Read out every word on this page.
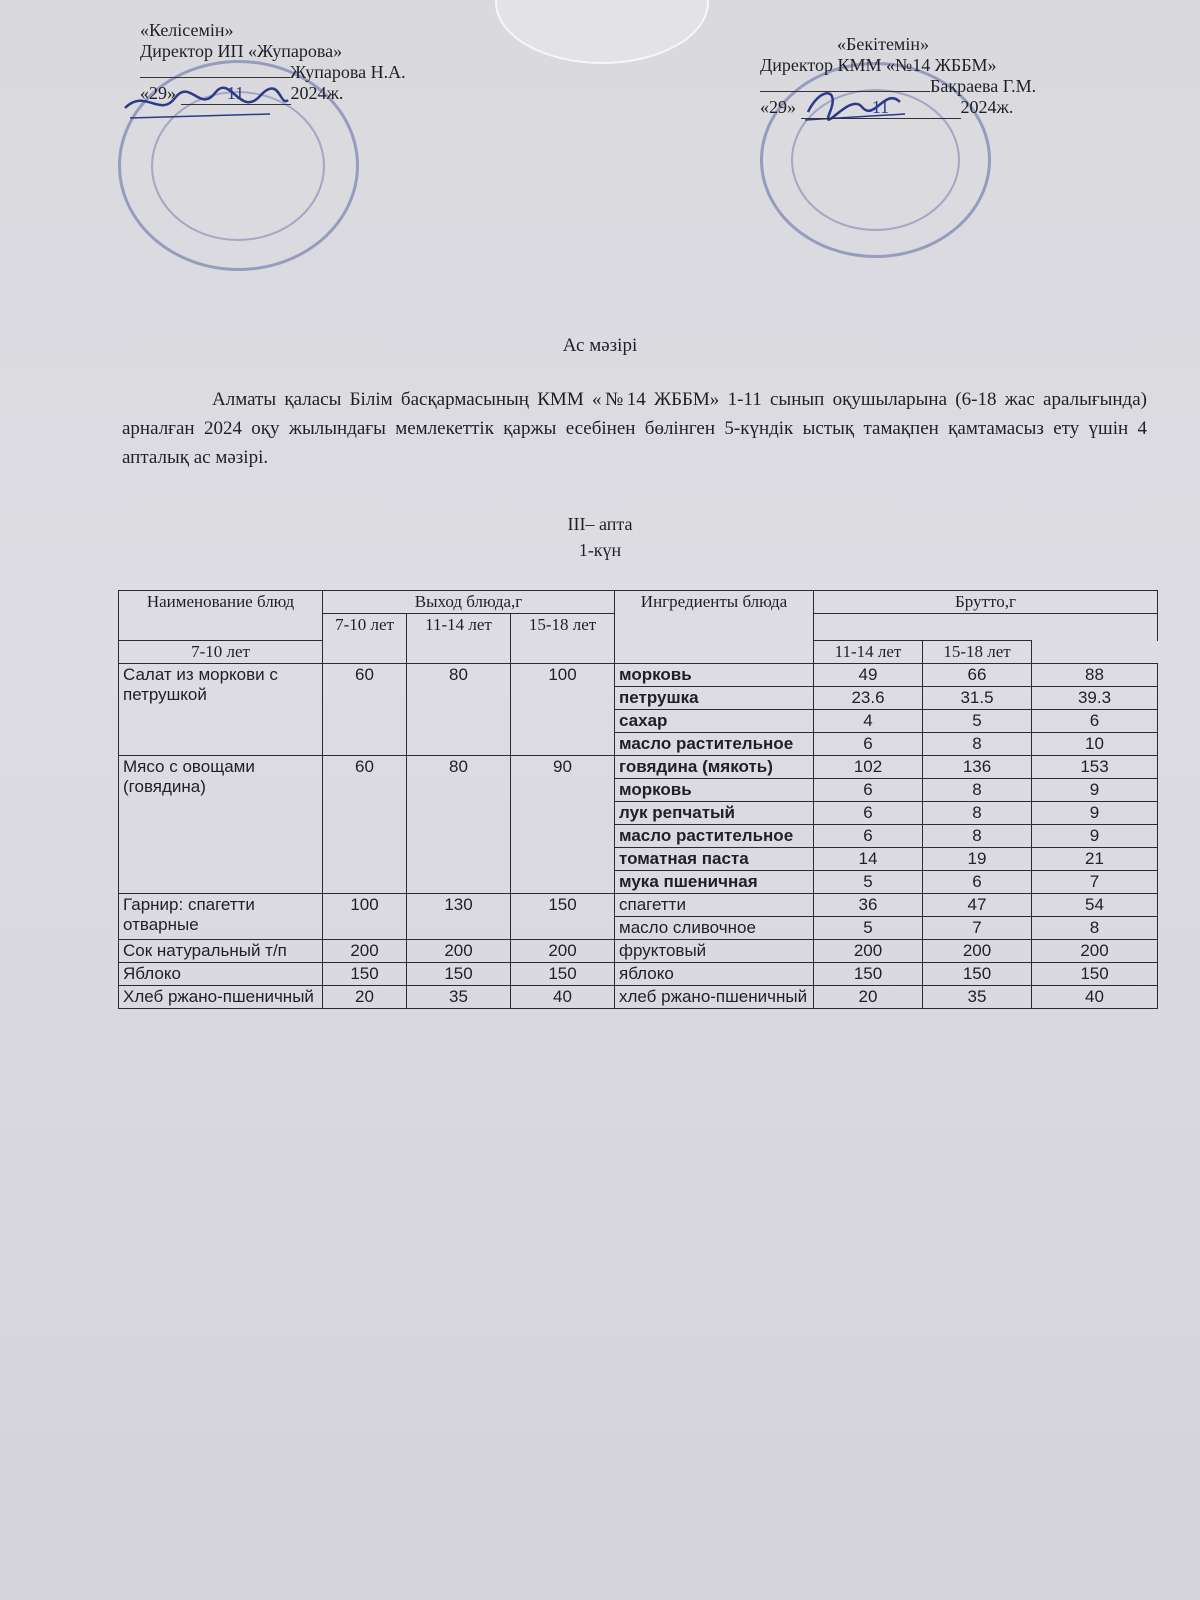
«Келісемін»
Директор ИП «Жупарова»
Жупарова Н.А.
«29»	11	2024ж.
«Бекітемін»
Директор КММ «№14 ЖББМ»
Бакраева Г.М.
«29»	11	2024ж.
Ас мәзірі
Алматы қаласы Білім басқармасының КММ «№14 ЖББМ» 1-11 сынып оқушыларына (6-18 жас аралығында) арналған 2024 оқу жылындағы мемлекеттік қаржы есебінен бөлінген 5-күндік ыстық тамақпен қамтамасыз ету үшін 4 апталық ас мәзірі.
III– апта
1-күн
Наименование блюд	Выход блюда,г			Ингредиенты блюда	Брутто,г		
	7-10 лет	11-14 лет	15-18 лет				
7-10 лет					11-14 лет	15-18 лет	
Салат из моркови с петрушкой	60	80	100	морковь	49	66	88
				петрушка	23.6	31.5	39.3
				сахар	4	5	6
				масло растительное	6	8	10
Мясо с овощами (говядина)	60	80	90	говядина (мякоть)	102	136	153
				морковь	6	8	9
				лук репчатый	6	8	9
				масло растительное	6	8	9
				томатная паста	14	19	21
				мука пшеничная	5	6	7
Гарнир: спагетти отварные	100	130	150	спагетти	36	47	54
				масло сливочное	5	7	8
Сок натуральный т/п	200	200	200	фруктовый	200	200	200
Яблоко	150	150	150	яблоко	150	150	150
Хлеб ржано-пшеничный	20	35	40	хлеб ржано-пшеничный	20	35	40
